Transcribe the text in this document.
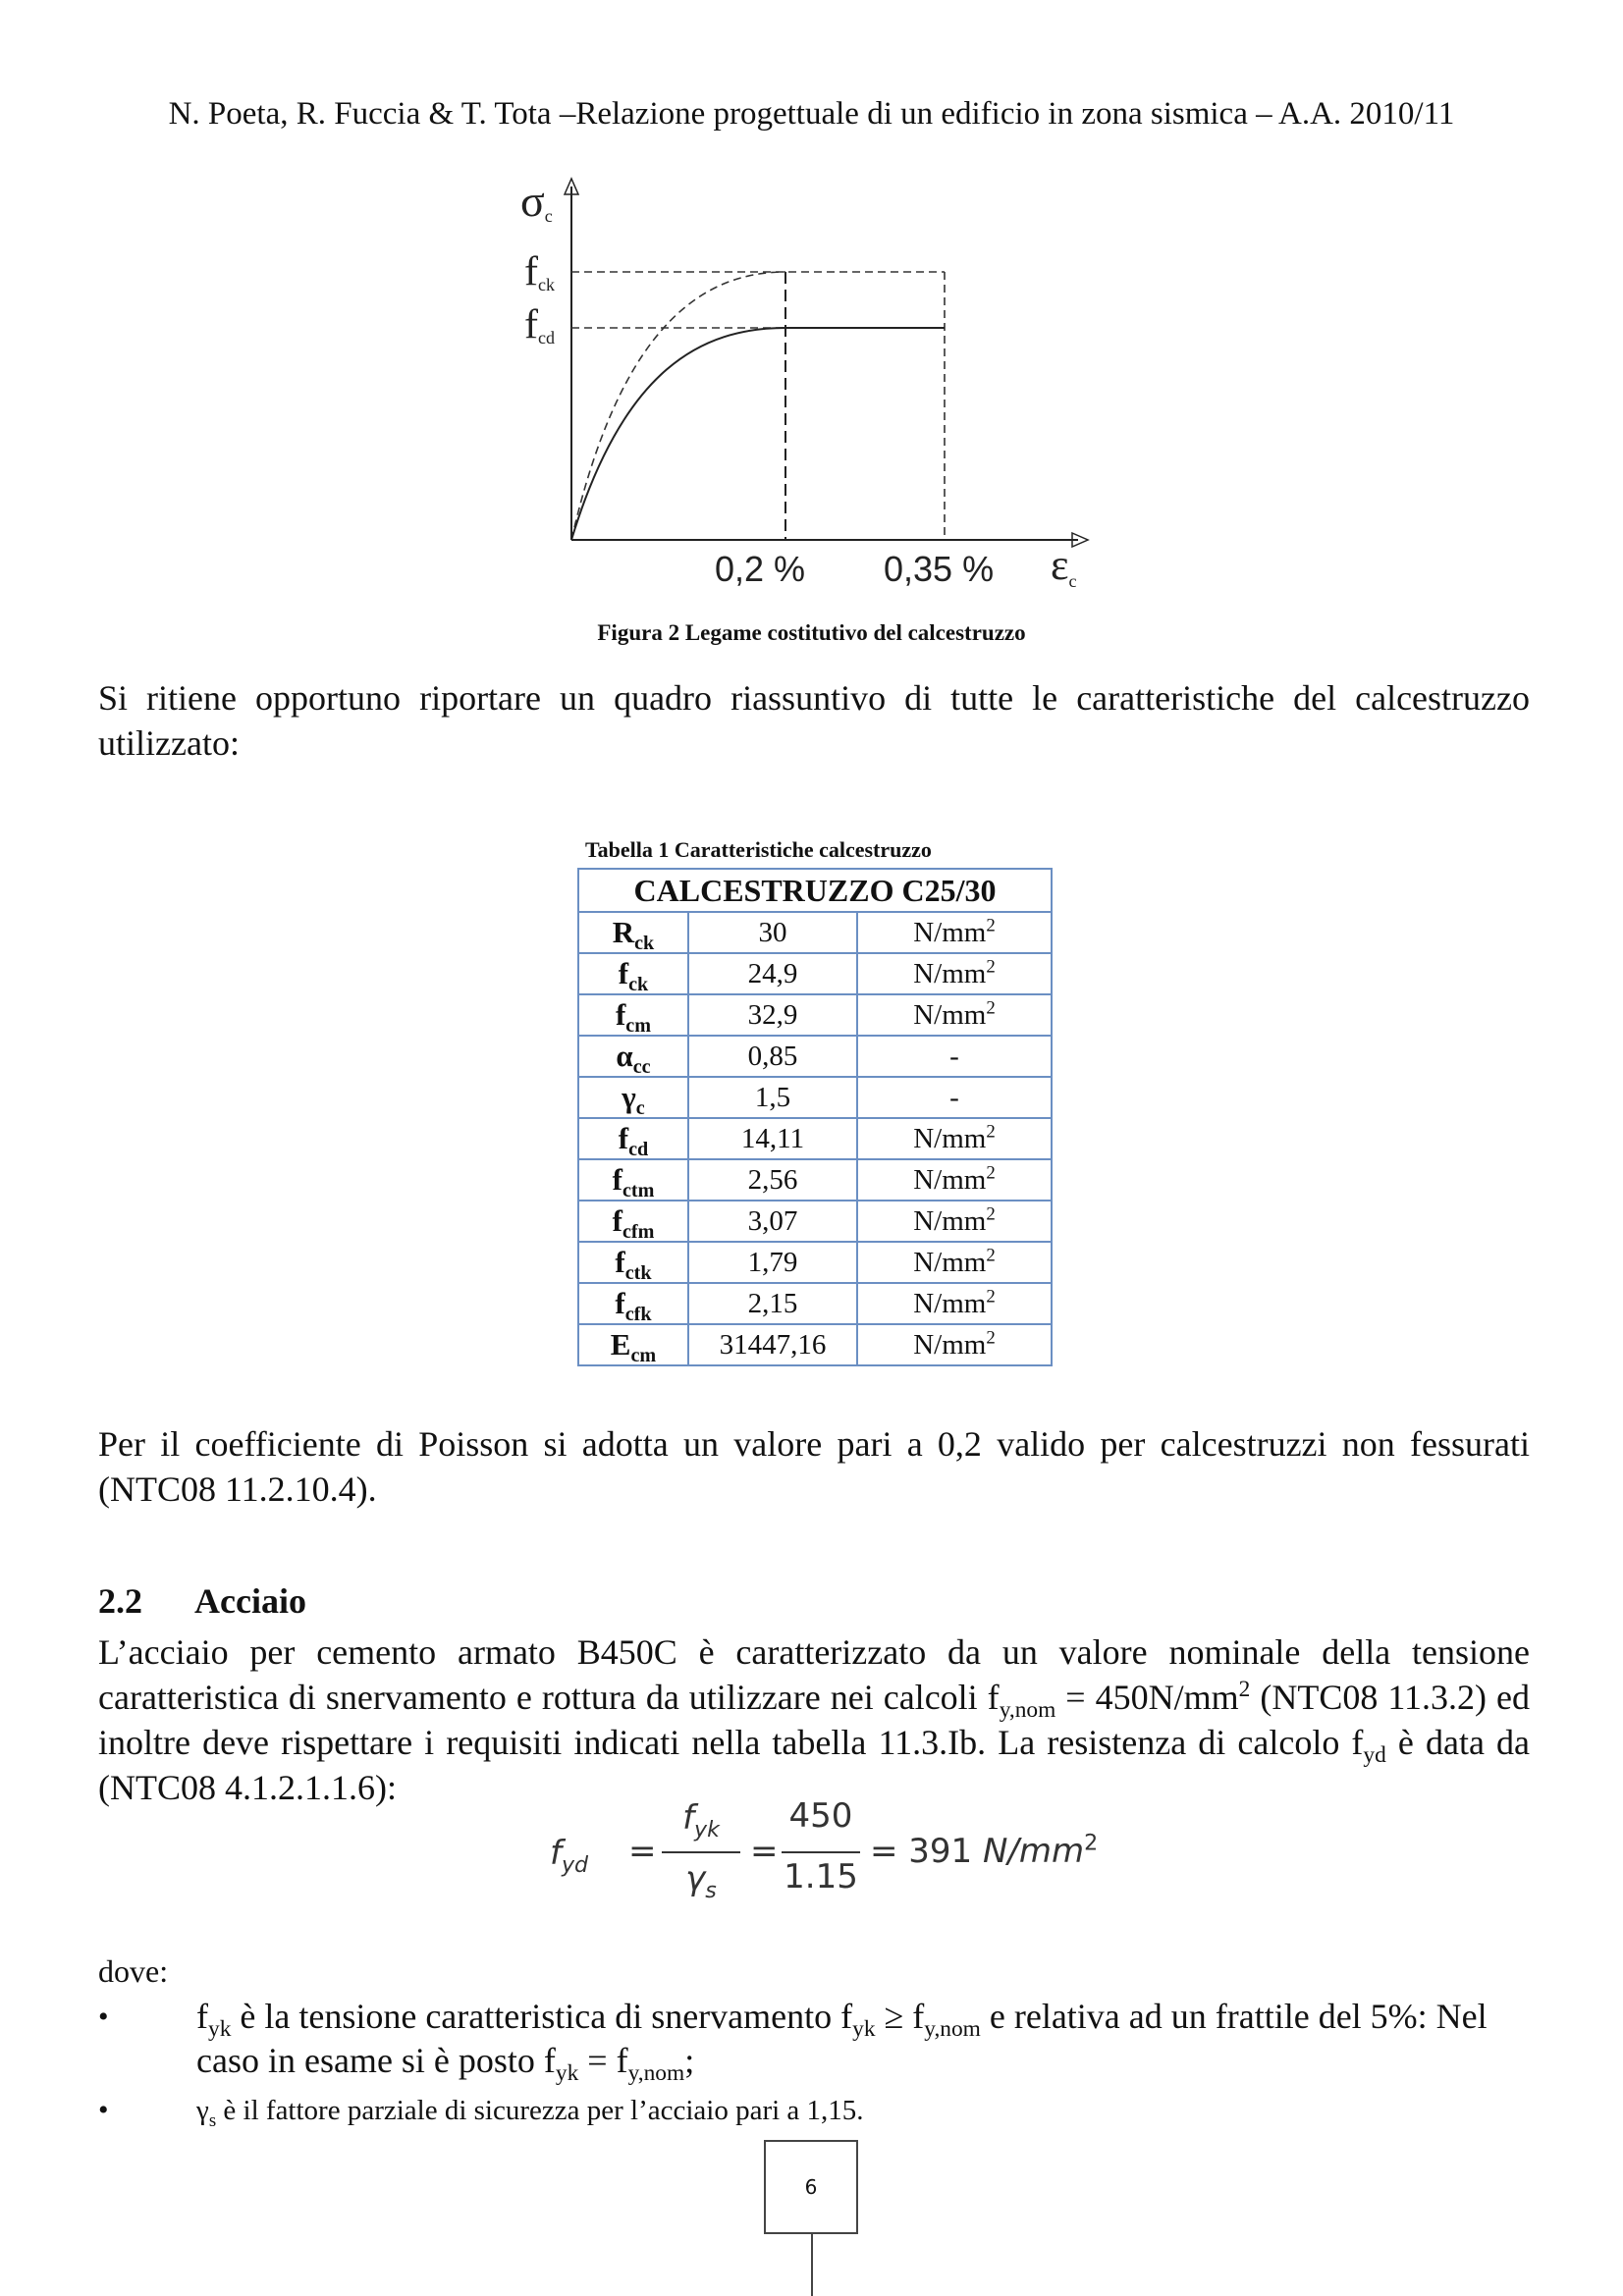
N. Poeta, R. Fuccia & T. Tota –Relazione progettuale di un edificio in zona sismica – A.A. 2010/11
σc
fck
fcd
0,2 % 0,35 % εc
Figura 2 Legame costitutivo del calcestruzzo
Si ritiene opportuno riportare un quadro riassuntivo di tutte le caratteristiche del calcestruzzo utilizzato:
Tabella 1 Caratteristiche calcestruzzo
CALCESTRUZZO C25/30		
$R_{ck}$	30	$N/mm^2$
$f_{ck}$	24,9	$N/mm^2$
$f_{cm}$	32,9	$N/mm^2$
$\alpha_{cc}$	0,85	-
$\gamma_c$	1,5	-
$f_{cd}$	14,11	$N/mm^2$
$f_{ctm}$	2,56	$N/mm^2$
$f_{cfm}$	3,07	$N/mm^2$
$f_{ctk}$	1,79	$N/mm^2$
$f_{cfk}$	2,15	$N/mm^2$
$E_{cm}$	31447,16	$N/mm^2$
Per il coefficiente di Poisson si adotta un valore pari a 0,2 valido per calcestruzzi non fessurati (NTC08 11.2.10.4).
2.2 Acciaio
L’acciaio per cemento armato B450C è caratterizzato da un valore nominale della tensione caratteristica di snervamento e rottura da utilizzare nei calcoli $f_{y,nom} = 450N/mm^2$ (NTC08 11.3.2) ed inoltre deve rispettare i requisiti indicati nella tabella 11.3.Ib. La resistenza di calcolo $f_{yd}$ è data da (NTC08 4.1.2.1.1.6):
$f_{yd}$ =
$f_{yk}$
$\gamma_s$
=
450
1.15
= 391 $N/mm^2$
dove:
• $f_{yk}$ è la tensione caratteristica di snervamento $f_{yk} \ge f_{y,nom}$ e relativa ad un frattile del 5%: Nel caso in esame si è posto $f_{yk} = f_{y,nom}$;
•	$\gamma_s$ è il fattore parziale di sicurezza per l’acciaio pari a 1,15.
6
